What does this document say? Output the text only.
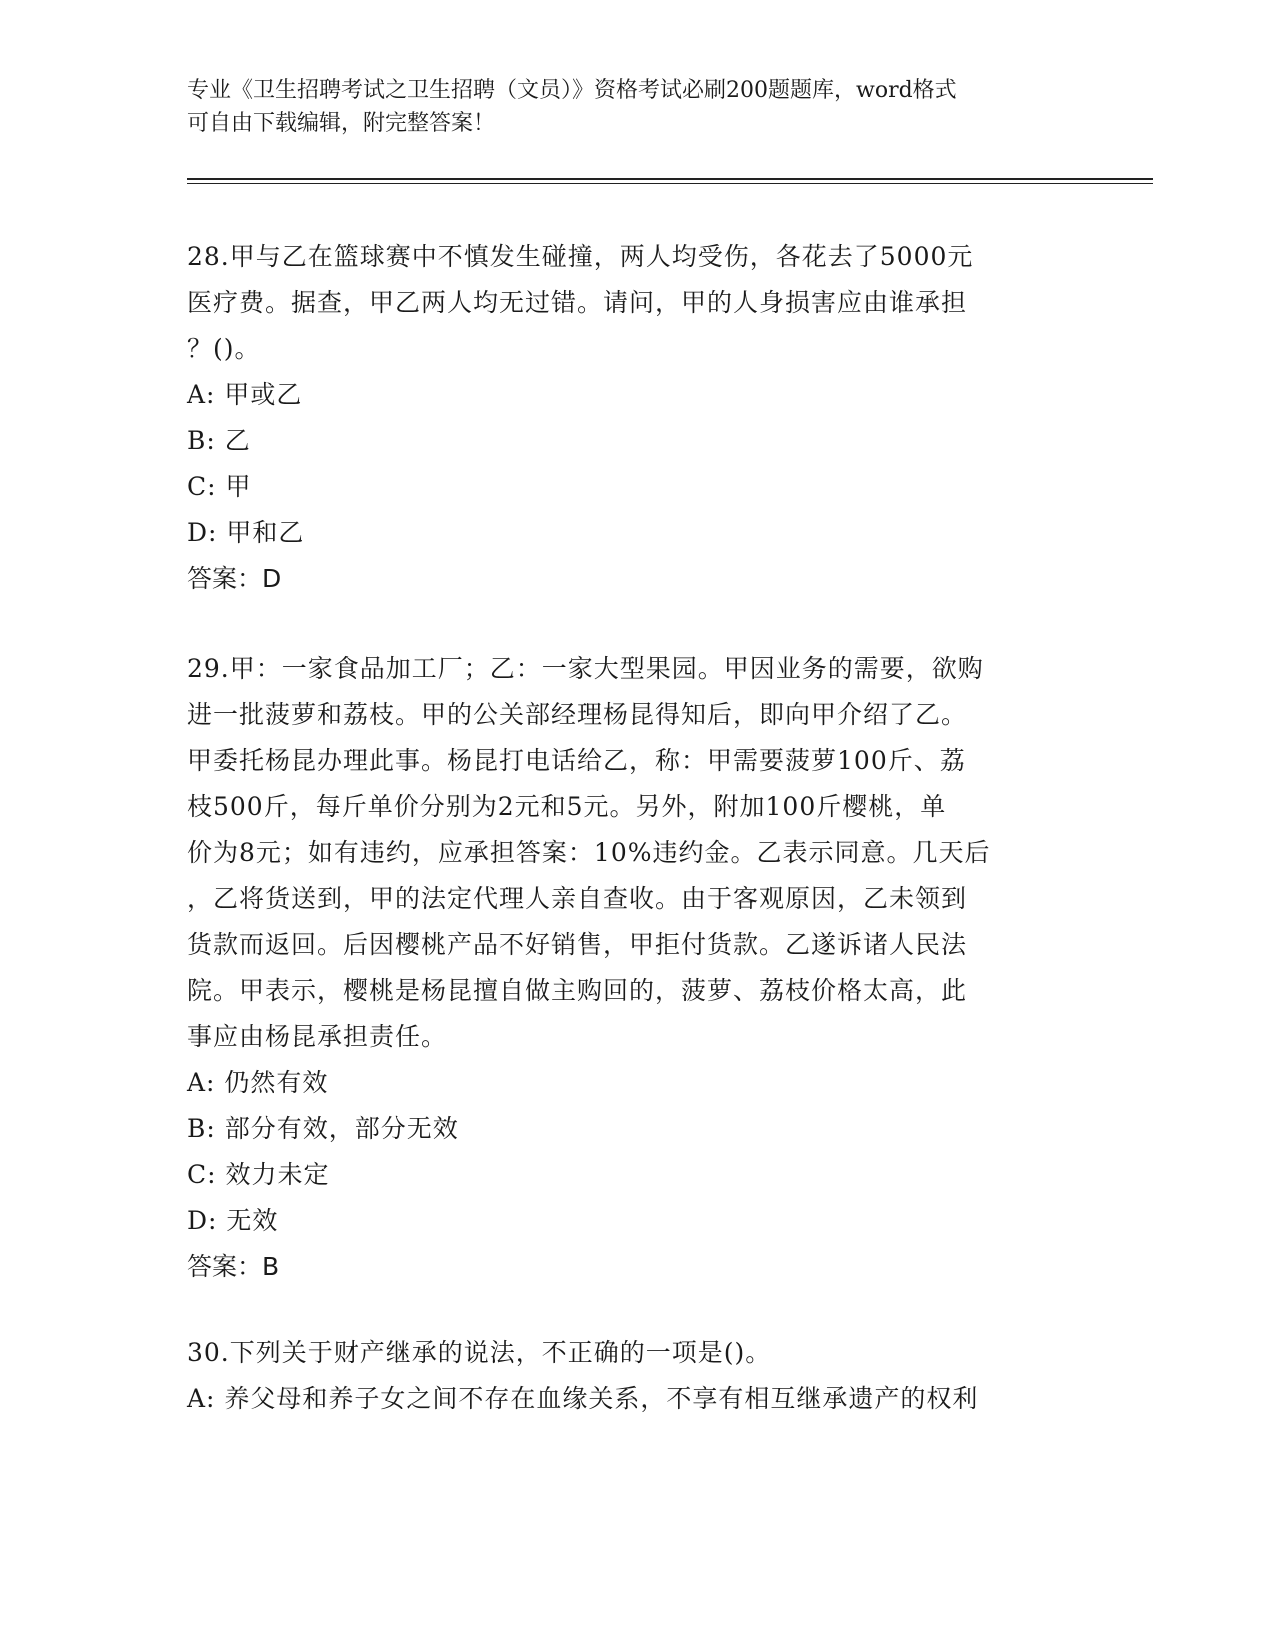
专业《卫生招聘考试之卫生招聘（文员）》资格考试必刷200题题库，word格式

可自由下载编辑，附完整答案！

28.甲与乙在篮球赛中不慎发生碰撞，两人均受伤，各花去了5000元

医疗费。据查，甲乙两人均无过错。请问，甲的人身损害应由谁承担

？()。

A: 甲或乙

B: 乙

C: 甲

D: 甲和乙

答案：D

29.甲：一家食品加工厂；乙：一家大型果园。甲因业务的需要，欲购

进一批菠萝和荔枝。甲的公关部经理杨昆得知后，即向甲介绍了乙。

甲委托杨昆办理此事。杨昆打电话给乙，称：甲需要菠萝100斤、荔

枝500斤，每斤单价分别为2元和5元。另外，附加100斤樱桃，单

价为8元；如有违约，应承担答案：10%违约金。乙表示同意。几天后

，乙将货送到，甲的法定代理人亲自查收。由于客观原因，乙未领到

货款而返回。后因樱桃产品不好销售，甲拒付货款。乙遂诉诸人民法

院。甲表示，樱桃是杨昆擅自做主购回的，菠萝、荔枝价格太高，此

事应由杨昆承担责任。

A: 仍然有效

B: 部分有效，部分无效

C: 效力未定

D: 无效

答案：B

30.下列关于财产继承的说法，不正确的一项是()。

A: 养父母和养子女之间不存在血缘关系，不享有相互继承遗产的权利
